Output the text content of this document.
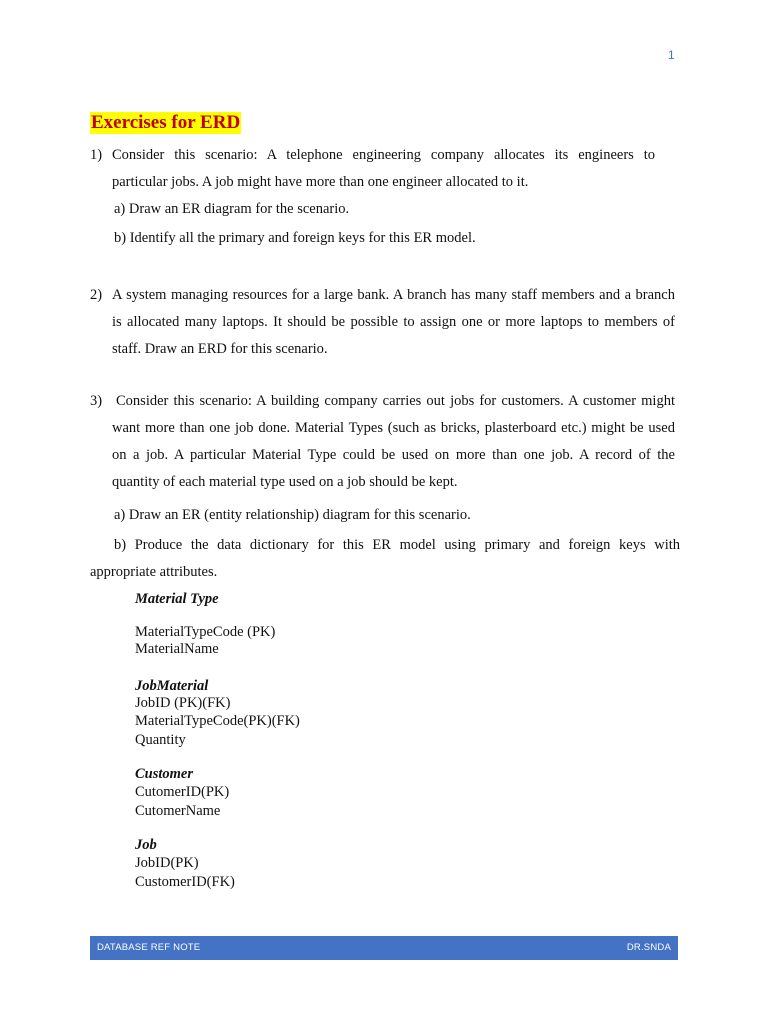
1
Exercises for ERD
1) Consider this scenario: A telephone engineering company allocates its engineers to
particular jobs. A job might have more than one engineer allocated to it.
a) Draw an ER diagram for the scenario.
b) Identify all the primary and foreign keys for this ER model.
2) A system managing resources for a large bank. A branch has many staff members and a branch
is allocated many laptops. It should be possible to assign one or more laptops to members of
staff. Draw an ERD for this scenario.
3) Consider this scenario: A building company carries out jobs for customers. A customer might
want more than one job done. Material Types (such as bricks, plasterboard etc.) might be used
on a job. A particular Material Type could be used on more than one job. A record of the
quantity of each material type used on a job should be kept.
a) Draw an ER (entity relationship) diagram for this scenario.
b) Produce the data dictionary for this ER model using primary and foreign keys with
appropriate attributes.
Material Type
MaterialTypeCode (PK)
MaterialName
JobMaterial
JobID (PK)(FK)
MaterialTypeCode(PK)(FK)
Quantity
Customer
CutomerID(PK)
CutomerName
Job
JobID(PK)
CustomerID(FK)
DATABASE REF NOTE	DR.SNDA
